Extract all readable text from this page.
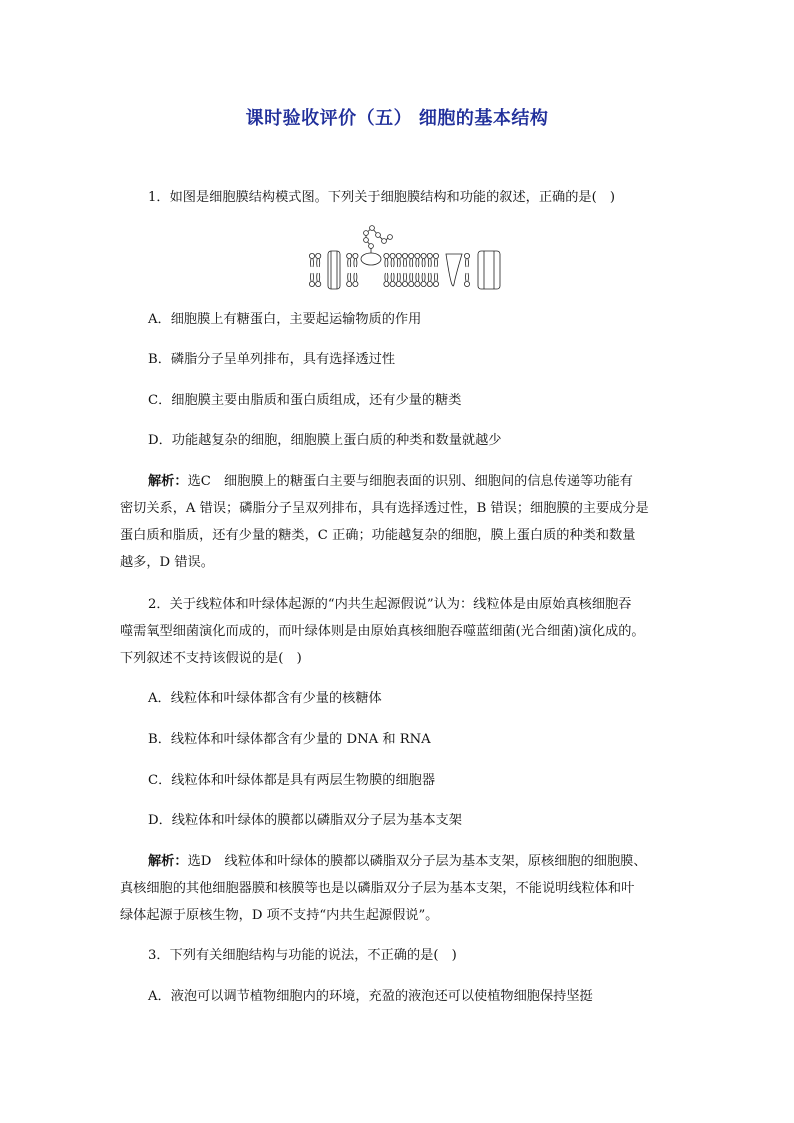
课时验收评价（五） 细胞的基本结构
1．如图是细胞膜结构模式图。下列关于细胞膜结构和功能的叙述，正确的是(　)
A．细胞膜上有糖蛋白，主要起运输物质的作用
B．磷脂分子呈单列排布，具有选择透过性
C．细胞膜主要由脂质和蛋白质组成，还有少量的糖类
D．功能越复杂的细胞，细胞膜上蛋白质的种类和数量就越少
解析：选C　细胞膜上的糖蛋白主要与细胞表面的识别、细胞间的信息传递等功能有
密切关系，A 错误；磷脂分子呈双列排布，具有选择透过性，B 错误；细胞膜的主要成分是
蛋白质和脂质，还有少量的糖类，C 正确；功能越复杂的细胞，膜上蛋白质的种类和数量
越多，D 错误。
2．关于线粒体和叶绿体起源的“内共生起源假说”认为：线粒体是由原始真核细胞吞
噬需氧型细菌演化而成的，而叶绿体则是由原始真核细胞吞噬蓝细菌(光合细菌)演化成的。
下列叙述不支持该假说的是(　)
A．线粒体和叶绿体都含有少量的核糖体
B．线粒体和叶绿体都含有少量的 DNA 和 RNA
C．线粒体和叶绿体都是具有两层生物膜的细胞器
D．线粒体和叶绿体的膜都以磷脂双分子层为基本支架
解析：选D　线粒体和叶绿体的膜都以磷脂双分子层为基本支架，原核细胞的细胞膜、
真核细胞的其他细胞器膜和核膜等也是以磷脂双分子层为基本支架，不能说明线粒体和叶
绿体起源于原核生物，D 项不支持“内共生起源假说”。
3．下列有关细胞结构与功能的说法，不正确的是(　)
A．液泡可以调节植物细胞内的环境，充盈的液泡还可以使植物细胞保持坚挺
